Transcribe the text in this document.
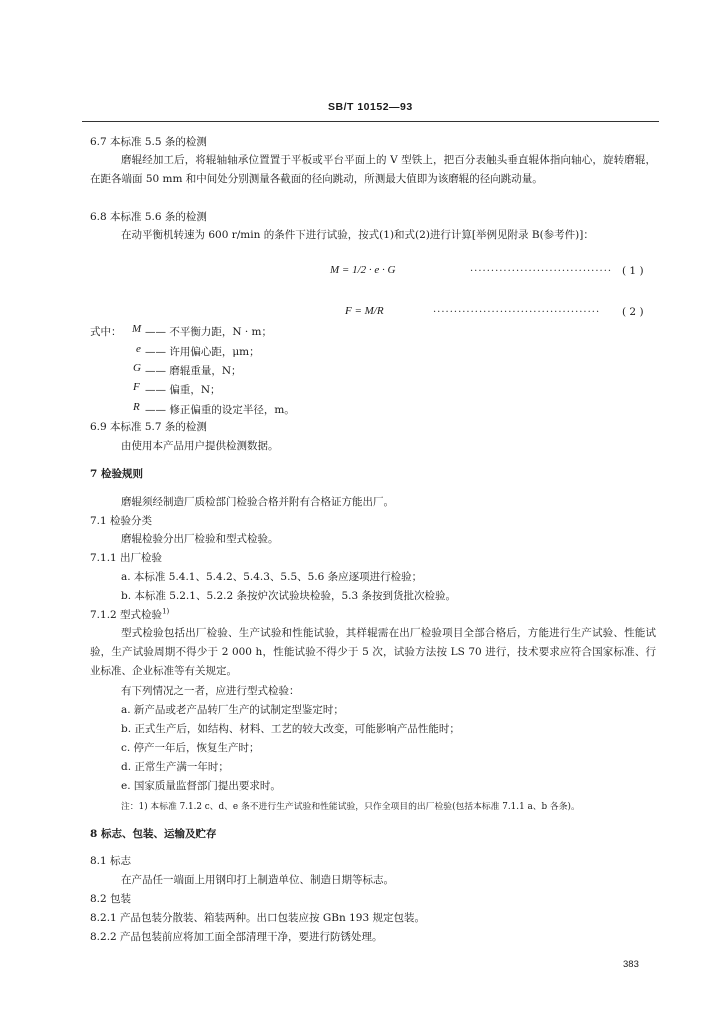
SB/T 10152—93
6.7 本标准 5.5 条的检测
磨辊经加工后，将辊轴轴承位置置于平板或平台平面上的 V 型铁上，把百分表触头垂直辊体指向轴心，旋转磨辊，在距各端面 50 mm 和中间处分别测量各截面的径向跳动，所测最大值即为该磨辊的径向跳动量。
6.8 本标准 5.6 条的检测
在动平衡机转速为 600 r/min 的条件下进行试验，按式(1)和式(2)进行计算[举例见附录 B(参考件)]：
M = 1/2 · e · G	·································· ( 1 )
F = M/R	········································ ( 2 )
式中： M —— 不平衡力距，N · m；
e —— 许用偏心距，μm；
G —— 磨辊重量，N；
F —— 偏重，N；
R —— 修正偏重的设定半径，m。
6.9 本标准 5.7 条的检测
由使用本产品用户提供检测数据。
7 检验规则
磨辊须经制造厂质检部门检验合格并附有合格证方能出厂。
7.1 检验分类
磨辊检验分出厂检验和型式检验。
7.1.1 出厂检验
a. 本标准 5.4.1、5.4.2、5.4.3、5.5、5.6 条应逐项进行检验；
b. 本标准 5.2.1、5.2.2 条按炉次试验块检验，5.3 条按到货批次检验。
7.1.2 型式检验$^{1)}$
型式检验包括出厂检验、生产试验和性能试验，其样辊需在出厂检验项目全部合格后，方能进行生产试验、性能试验，生产试验周期不得少于 2 000 h，性能试验不得少于 5 次，试验方法按 LS 70 进行，技术要求应符合国家标准、行业标准、企业标准等有关规定。
有下列情况之一者，应进行型式检验：
a. 新产品或老产品转厂生产的试制定型鉴定时；
b. 正式生产后，如结构、材料、工艺的较大改变，可能影响产品性能时；
c. 停产一年后，恢复生产时；
d. 正常生产满一年时；
e. 国家质量监督部门提出要求时。
注：1) 本标准 7.1.2 c、d、e 条不进行生产试验和性能试验，只作全项目的出厂检验(包括本标准 7.1.1 a、b 各条)。
8 标志、包装、运输及贮存
8.1 标志
在产品任一端面上用钢印打上制造单位、制造日期等标志。
8.2 包装
8.2.1 产品包装分散装、箱装两种。出口包装应按 GBn 193 规定包装。
8.2.2 产品包装前应将加工面全部清理干净，要进行防锈处理。
383
